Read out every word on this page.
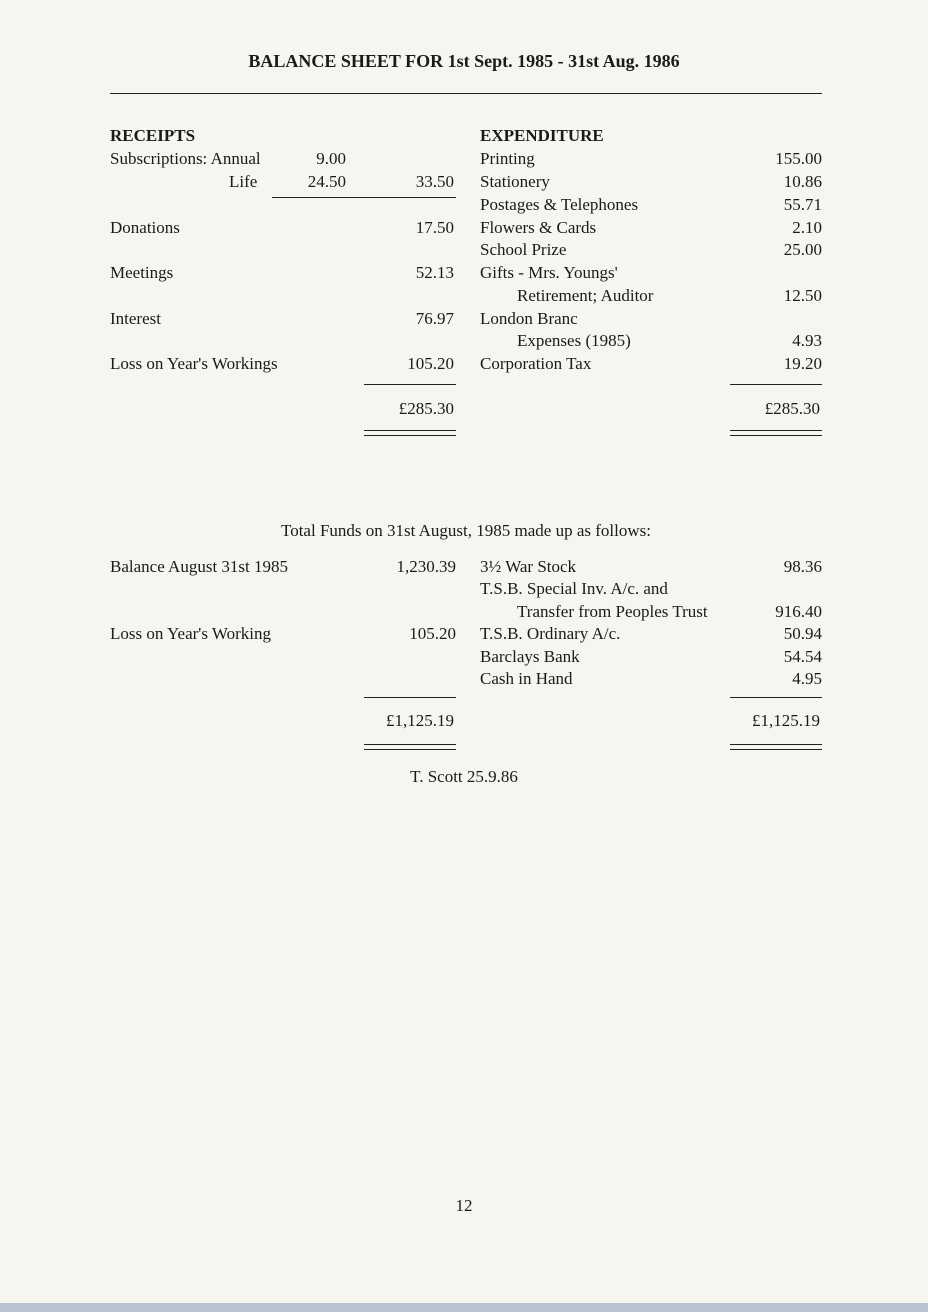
BALANCE SHEET FOR 1st Sept. 1985 - 31st Aug. 1986
RECEIPTS
Subscriptions: Annual	9.00
Life	24.50	33.50
Donations	17.50
Meetings	52.13
Interest	76.97
Loss on Year's Workings	105.20
£285.30
EXPENDITURE
Printing	155.00
Stationery	10.86
Postages & Telephones	55.71
Flowers & Cards	2.10
School Prize	25.00
Gifts - Mrs. Youngs'
Retirement; Auditor	12.50
London Branc
Expenses (1985)	4.93
Corporation Tax	19.20
£285.30
Total Funds on 31st August, 1985 made up as follows:
Balance August 31st 1985	1,230.39
Loss on Year's Working	105.20
3½ War Stock	98.36
T.S.B. Special Inv. A/c. and
Transfer from Peoples Trust	916.40
T.S.B. Ordinary A/c.	50.94
Barclays Bank	54.54
Cash in Hand	4.95
£1,125.19	£1,125.19
T. Scott 25.9.86
12
